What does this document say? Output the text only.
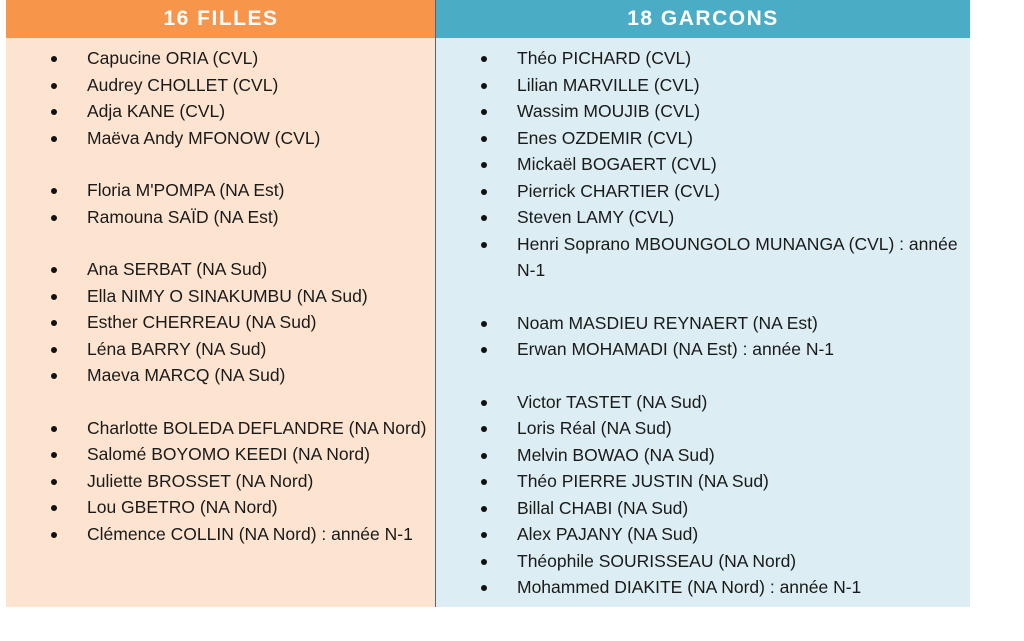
16 FILLES
Capucine ORIA (CVL)
Audrey CHOLLET (CVL)
Adja KANE (CVL)
Maëva Andy MFONOW (CVL)
Floria M'POMPA (NA Est)
Ramouna SAÏD (NA Est)
Ana SERBAT (NA Sud)
Ella NIMY O SINAKUMBU (NA Sud)
Esther CHERREAU (NA Sud)
Léna BARRY (NA Sud)
Maeva MARCQ (NA Sud)
Charlotte BOLEDA DEFLANDRE (NA Nord)
Salomé BOYOMO KEEDI (NA Nord)
Juliette BROSSET (NA Nord)
Lou GBETRO (NA Nord)
Clémence COLLIN (NA Nord) : année N-1
18 GARCONS
Théo PICHARD (CVL)
Lilian MARVILLE (CVL)
Wassim MOUJIB (CVL)
Enes OZDEMIR (CVL)
Mickaël BOGAERT (CVL)
Pierrick CHARTIER (CVL)
Steven LAMY (CVL)
Henri Soprano MBOUNGOLO MUNANGA (CVL) : année N-1
Noam MASDIEU REYNAERT (NA Est)
Erwan MOHAMADI (NA Est) : année N-1
Victor TASTET (NA Sud)
Loris Réal (NA Sud)
Melvin BOWAO (NA Sud)
Théo PIERRE JUSTIN (NA Sud)
Billal CHABI (NA Sud)
Alex PAJANY (NA Sud)
Théophile SOURISSEAU (NA Nord)
Mohammed DIAKITE (NA Nord) : année N-1
